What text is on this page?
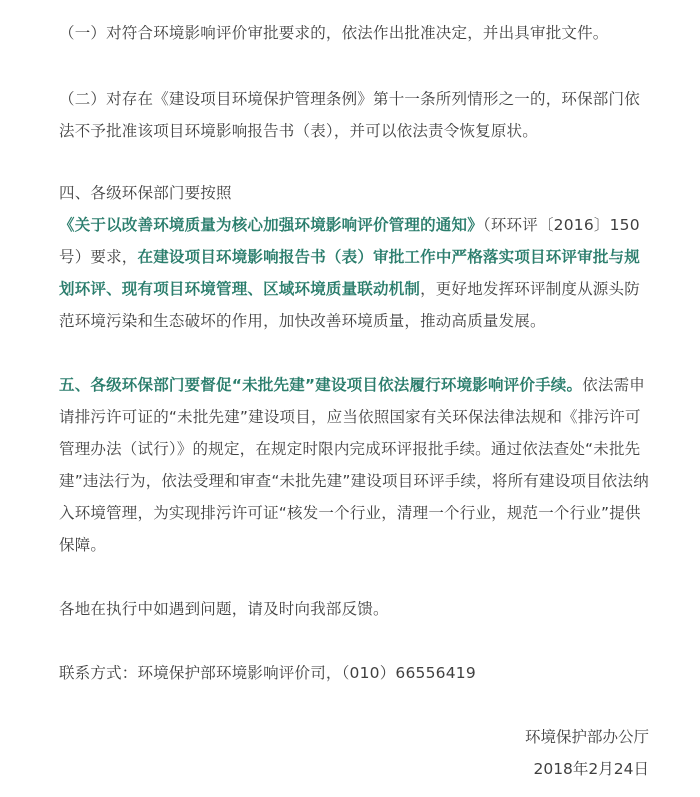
（一）对符合环境影响评价审批要求的，依法作出批准决定，并出具审批文件。

（二）对存在《建设项目环境保护管理条例》第十一条所列情形之一的，环保部门依法不予批准该项目环境影响报告书（表），并可以依法责令恢复原状。

四、各级环保部门要按照《关于以改善环境质量为核心加强环境影响评价管理的通知》（环环评〔2016〕150号）要求，在建设项目环境影响报告书（表）审批工作中严格落实项目环评审批与规划环评、现有项目环境管理、区域环境质量联动机制，更好地发挥环评制度从源头防范环境污染和生态破坏的作用，加快改善环境质量，推动高质量发展。

五、各级环保部门要督促“未批先建”建设项目依法履行环境影响评价手续。依法需申请排污许可证的“未批先建”建设项目，应当依照国家有关环保法律法规和《排污许可管理办法（试行）》的规定，在规定时限内完成环评报批手续。通过依法查处“未批先建”违法行为，依法受理和审查“未批先建”建设项目环评手续，将所有建设项目依法纳入环境管理，为实现排污许可证“核发一个行业，清理一个行业，规范一个行业”提供保障。

各地在执行中如遇到问题，请及时向我部反馈。

联系方式：环境保护部环境影响评价司，（010）66556419

环境保护部办公厅

2018年2月24日
